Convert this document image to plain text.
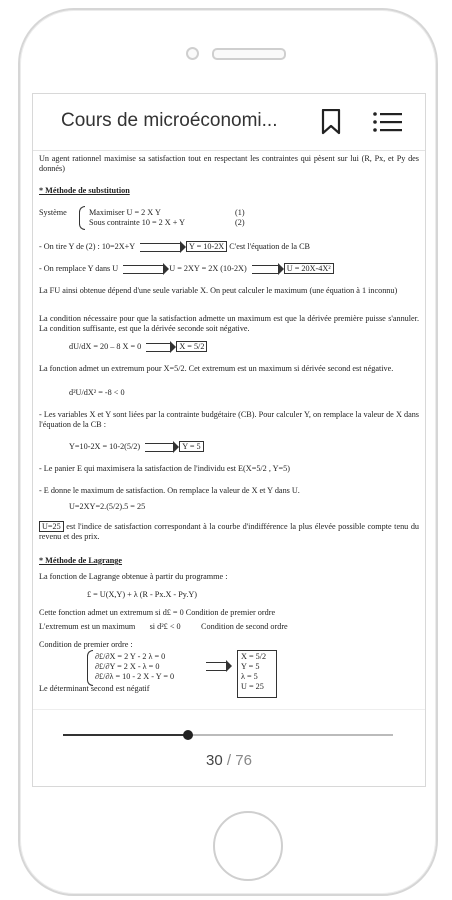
Cours de microéconomi...
Un agent rationnel maximise sa satisfaction tout en respectant les contraintes qui pèsent sur lui (R, Px, et Py des donnés)
* Méthode de substitution
Système	Maximiser U = 2 X Y	(1)
Sous contrainte 10 = 2 X + Y	(2)
- On tire Y de (2) : 10=2X+Y	Y = 10-2X C'est l'équation de la CB
- On remplace Y dans U	U = 2XY = 2X (10-2X)	U = 20X-4X²
La FU ainsi obtenue dépend d'une seule variable X. On peut calculer le maximum (une équation à 1 inconnu)
La condition nécessaire pour que la satisfaction admette un maximum est que la dérivée première puisse s'annuler. La condition suffisante, est que la dérivée seconde soit négative.
dU/dX = 20 – 8 X = 0	X = 5/2
La fonction admet un extremum pour X=5/2. Cet extremum est un maximum si dérivée second est négative.
d²U/dX² = -8 < 0
- Les variables X et Y sont liées par la contrainte budgétaire (CB). Pour calculer Y, on remplace la valeur de X dans l'équation de la CB :
Y=10-2X = 10-2(5/2)	Y = 5
- Le panier E qui maximisera la satisfaction de l'individu est E(X=5/2 , Y=5)
- E donne le maximum de satisfaction. On remplace la valeur de X et Y dans U.
U=2XY=2.(5/2).5 = 25
U=25 est l'indice de satisfaction correspondant à la courbe d'indifférence la plus élevée possible compte tenu du revenu et des prix.
* Méthode de Lagrange
La fonction de Lagrange obtenue à partir du programme :
£ = U(X,Y) + λ (R - Px.X - Py.Y)
Cette fonction admet un extremum si d£ = 0 Condition de premier ordre
L'extremum est un maximum       si d²£ < 0          Condition de second ordre
Condition de premier ordre :
∂£/∂X = 2 Y - 2 λ = 0
∂£/∂Y = 2 X - λ = 0
∂£/∂λ = 10 - 2 X - Y = 0
X = 5/2
Y = 5
λ = 5
U = 25
Le déterminant second est négatif
30 / 76
